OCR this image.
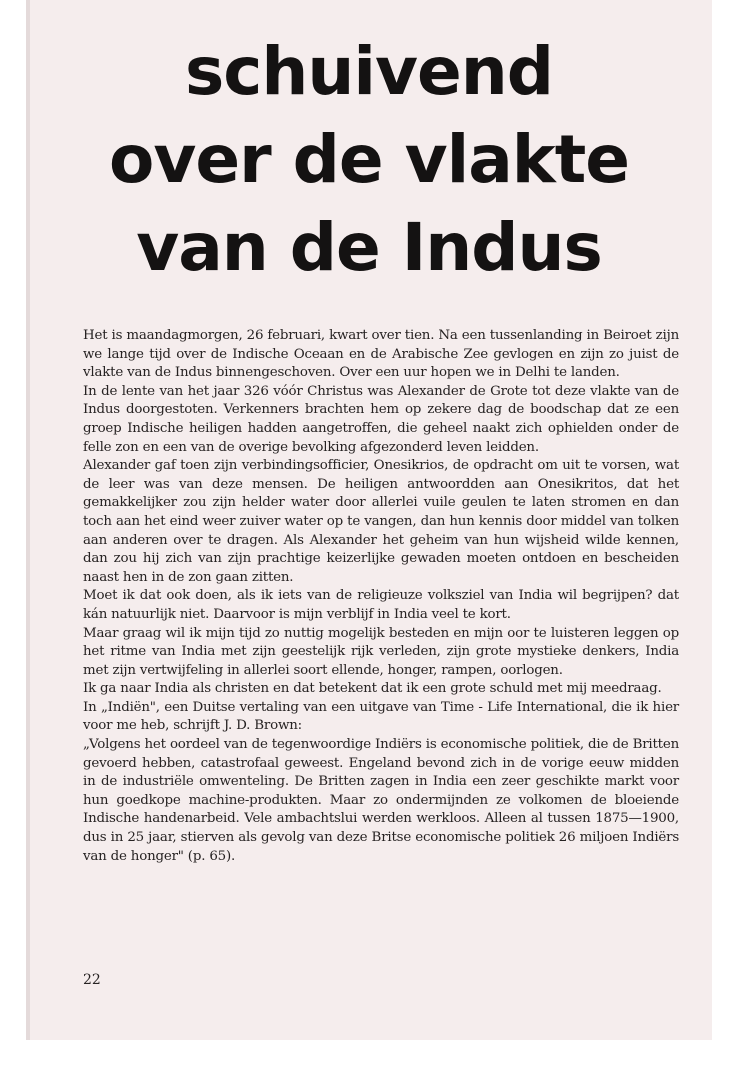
schuivend
over de vlakte
van de Indus

Het is maandagmorgen, 26 februari, kwart over tien. Na een tussenlanding in Beiroet zijn we lange tijd over de Indische Oceaan en de Arabische Zee gevlogen en zijn zo juist de vlakte van de Indus binnengeschoven. Over een uur hopen we in Delhi te landen.

In de lente van het jaar 326 vóór Christus was Alexander de Grote tot deze vlakte van de Indus doorgestoten. Verkenners brachten hem op zekere dag de boodschap dat ze een groep Indische heiligen hadden aangetroffen, die geheel naakt zich ophielden onder de felle zon en een van de overige bevolking afgezonderd leven leidden.

Alexander gaf toen zijn verbindingsofficier, Onesikrios, de opdracht om uit te vorsen, wat de leer was van deze mensen. De heiligen antwoordden aan Onesikritos, dat het gemakkelijker zou zijn helder water door allerlei vuile geulen te laten stromen en dan toch aan het eind weer zuiver water op te vangen, dan hun kennis door middel van tolken aan anderen over te dragen. Als Alexander het geheim van hun wijsheid wilde kennen, dan zou hij zich van zijn prachtige keizerlijke gewaden moeten ontdoen en bescheiden naast hen in de zon gaan zitten.

Moet ik dat ook doen, als ik iets van de religieuze volksziel van India wil begrijpen? dat kán natuurlijk niet. Daarvoor is mijn verblijf in India veel te kort.

Maar graag wil ik mijn tijd zo nuttig mogelijk besteden en mijn oor te luisteren leggen op het ritme van India met zijn geestelijk rijk verleden, zijn grote mystieke denkers, India met zijn vertwijfeling in allerlei soort ellende, honger, rampen, oorlogen.

Ik ga naar India als christen en dat betekent dat ik een grote schuld met mij meedraag.

In „Indiën", een Duitse vertaling van een uitgave van Time - Life International, die ik hier voor me heb, schrijft J. D. Brown:

„Volgens het oordeel van de tegenwoordige Indiërs is economische politiek, die de Britten gevoerd hebben, catastrofaal geweest. Engeland bevond zich in de vorige eeuw midden in de industriële omwenteling. De Britten zagen in India een zeer geschikte markt voor hun goedkope machine-produkten. Maar zo ondermijnden ze volkomen de bloeiende Indische handenarbeid. Vele ambachtslui werden werkloos. Alleen al tussen 1875—1900, dus in 25 jaar, stierven als gevolg van deze Britse economische politiek 26 miljoen Indiërs van de honger" (p. 65).

22
